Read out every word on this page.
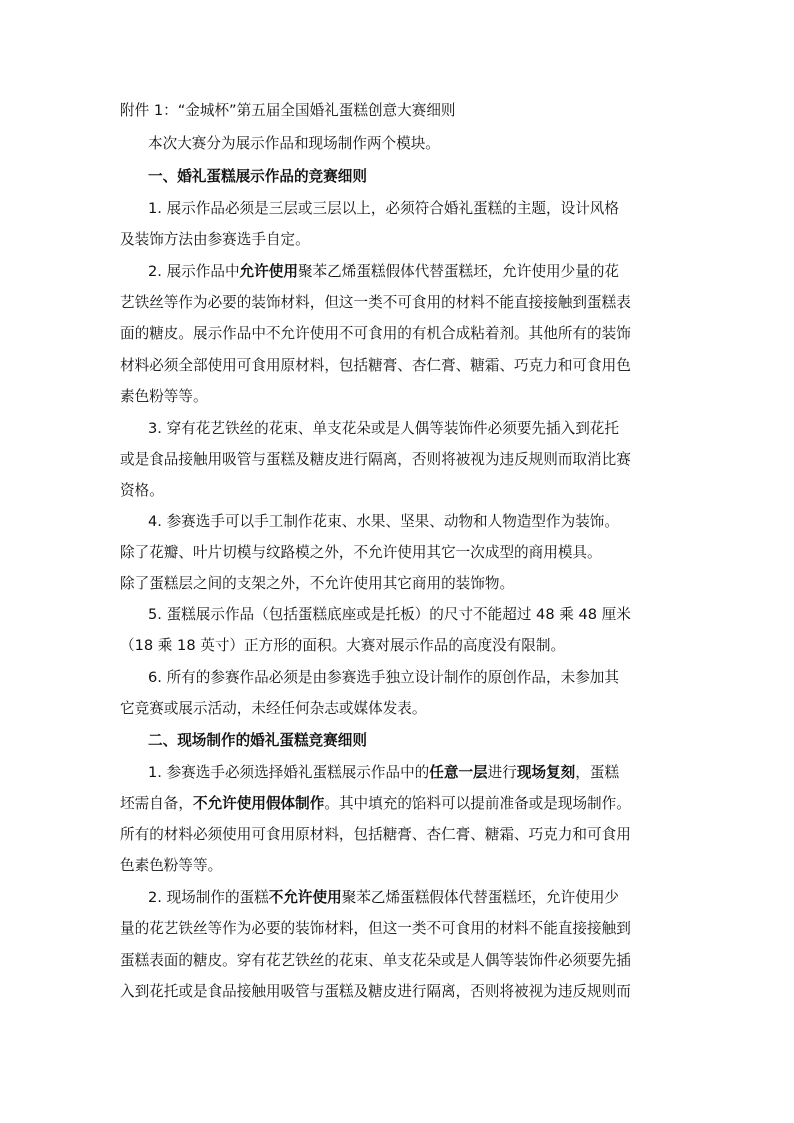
附件 1：“金城杯”第五届全国婚礼蛋糕创意大赛细则
本次大赛分为展示作品和现场制作两个模块。
一、婚礼蛋糕展示作品的竞赛细则
1. 展示作品必须是三层或三层以上，必须符合婚礼蛋糕的主题，设计风格
及装饰方法由参赛选手自定。
2. 展示作品中允许使用聚苯乙烯蛋糕假体代替蛋糕坯，允许使用少量的花
艺铁丝等作为必要的装饰材料，但这一类不可食用的材料不能直接接触到蛋糕表
面的糖皮。展示作品中不允许使用不可食用的有机合成粘着剂。其他所有的装饰
材料必须全部使用可食用原材料，包括糖膏、杏仁膏、糖霜、巧克力和可食用色
素色粉等等。
3. 穿有花艺铁丝的花束、单支花朵或是人偶等装饰件必须要先插入到花托
或是食品接触用吸管与蛋糕及糖皮进行隔离，否则将被视为违反规则而取消比赛
资格。
4. 参赛选手可以手工制作花束、水果、坚果、动物和人物造型作为装饰。
除了花瓣、叶片切模与纹路模之外，不允许使用其它一次成型的商用模具。
除了蛋糕层之间的支架之外，不允许使用其它商用的装饰物。
5. 蛋糕展示作品（包括蛋糕底座或是托板）的尺寸不能超过 48 乘 48 厘米
（18 乘 18 英寸）正方形的面积。大赛对展示作品的高度没有限制。
6. 所有的参赛作品必须是由参赛选手独立设计制作的原创作品，未参加其
它竞赛或展示活动，未经任何杂志或媒体发表。
二、现场制作的婚礼蛋糕竞赛细则
1. 参赛选手必须选择婚礼蛋糕展示作品中的任意一层进行现场复刻，蛋糕
坯需自备，不允许使用假体制作。其中填充的馅料可以提前准备或是现场制作。
所有的材料必须使用可食用原材料，包括糖膏、杏仁膏、糖霜、巧克力和可食用
色素色粉等等。
2. 现场制作的蛋糕不允许使用聚苯乙烯蛋糕假体代替蛋糕坯，允许使用少
量的花艺铁丝等作为必要的装饰材料，但这一类不可食用的材料不能直接接触到
蛋糕表面的糖皮。穿有花艺铁丝的花束、单支花朵或是人偶等装饰件必须要先插
入到花托或是食品接触用吸管与蛋糕及糖皮进行隔离，否则将被视为违反规则而
